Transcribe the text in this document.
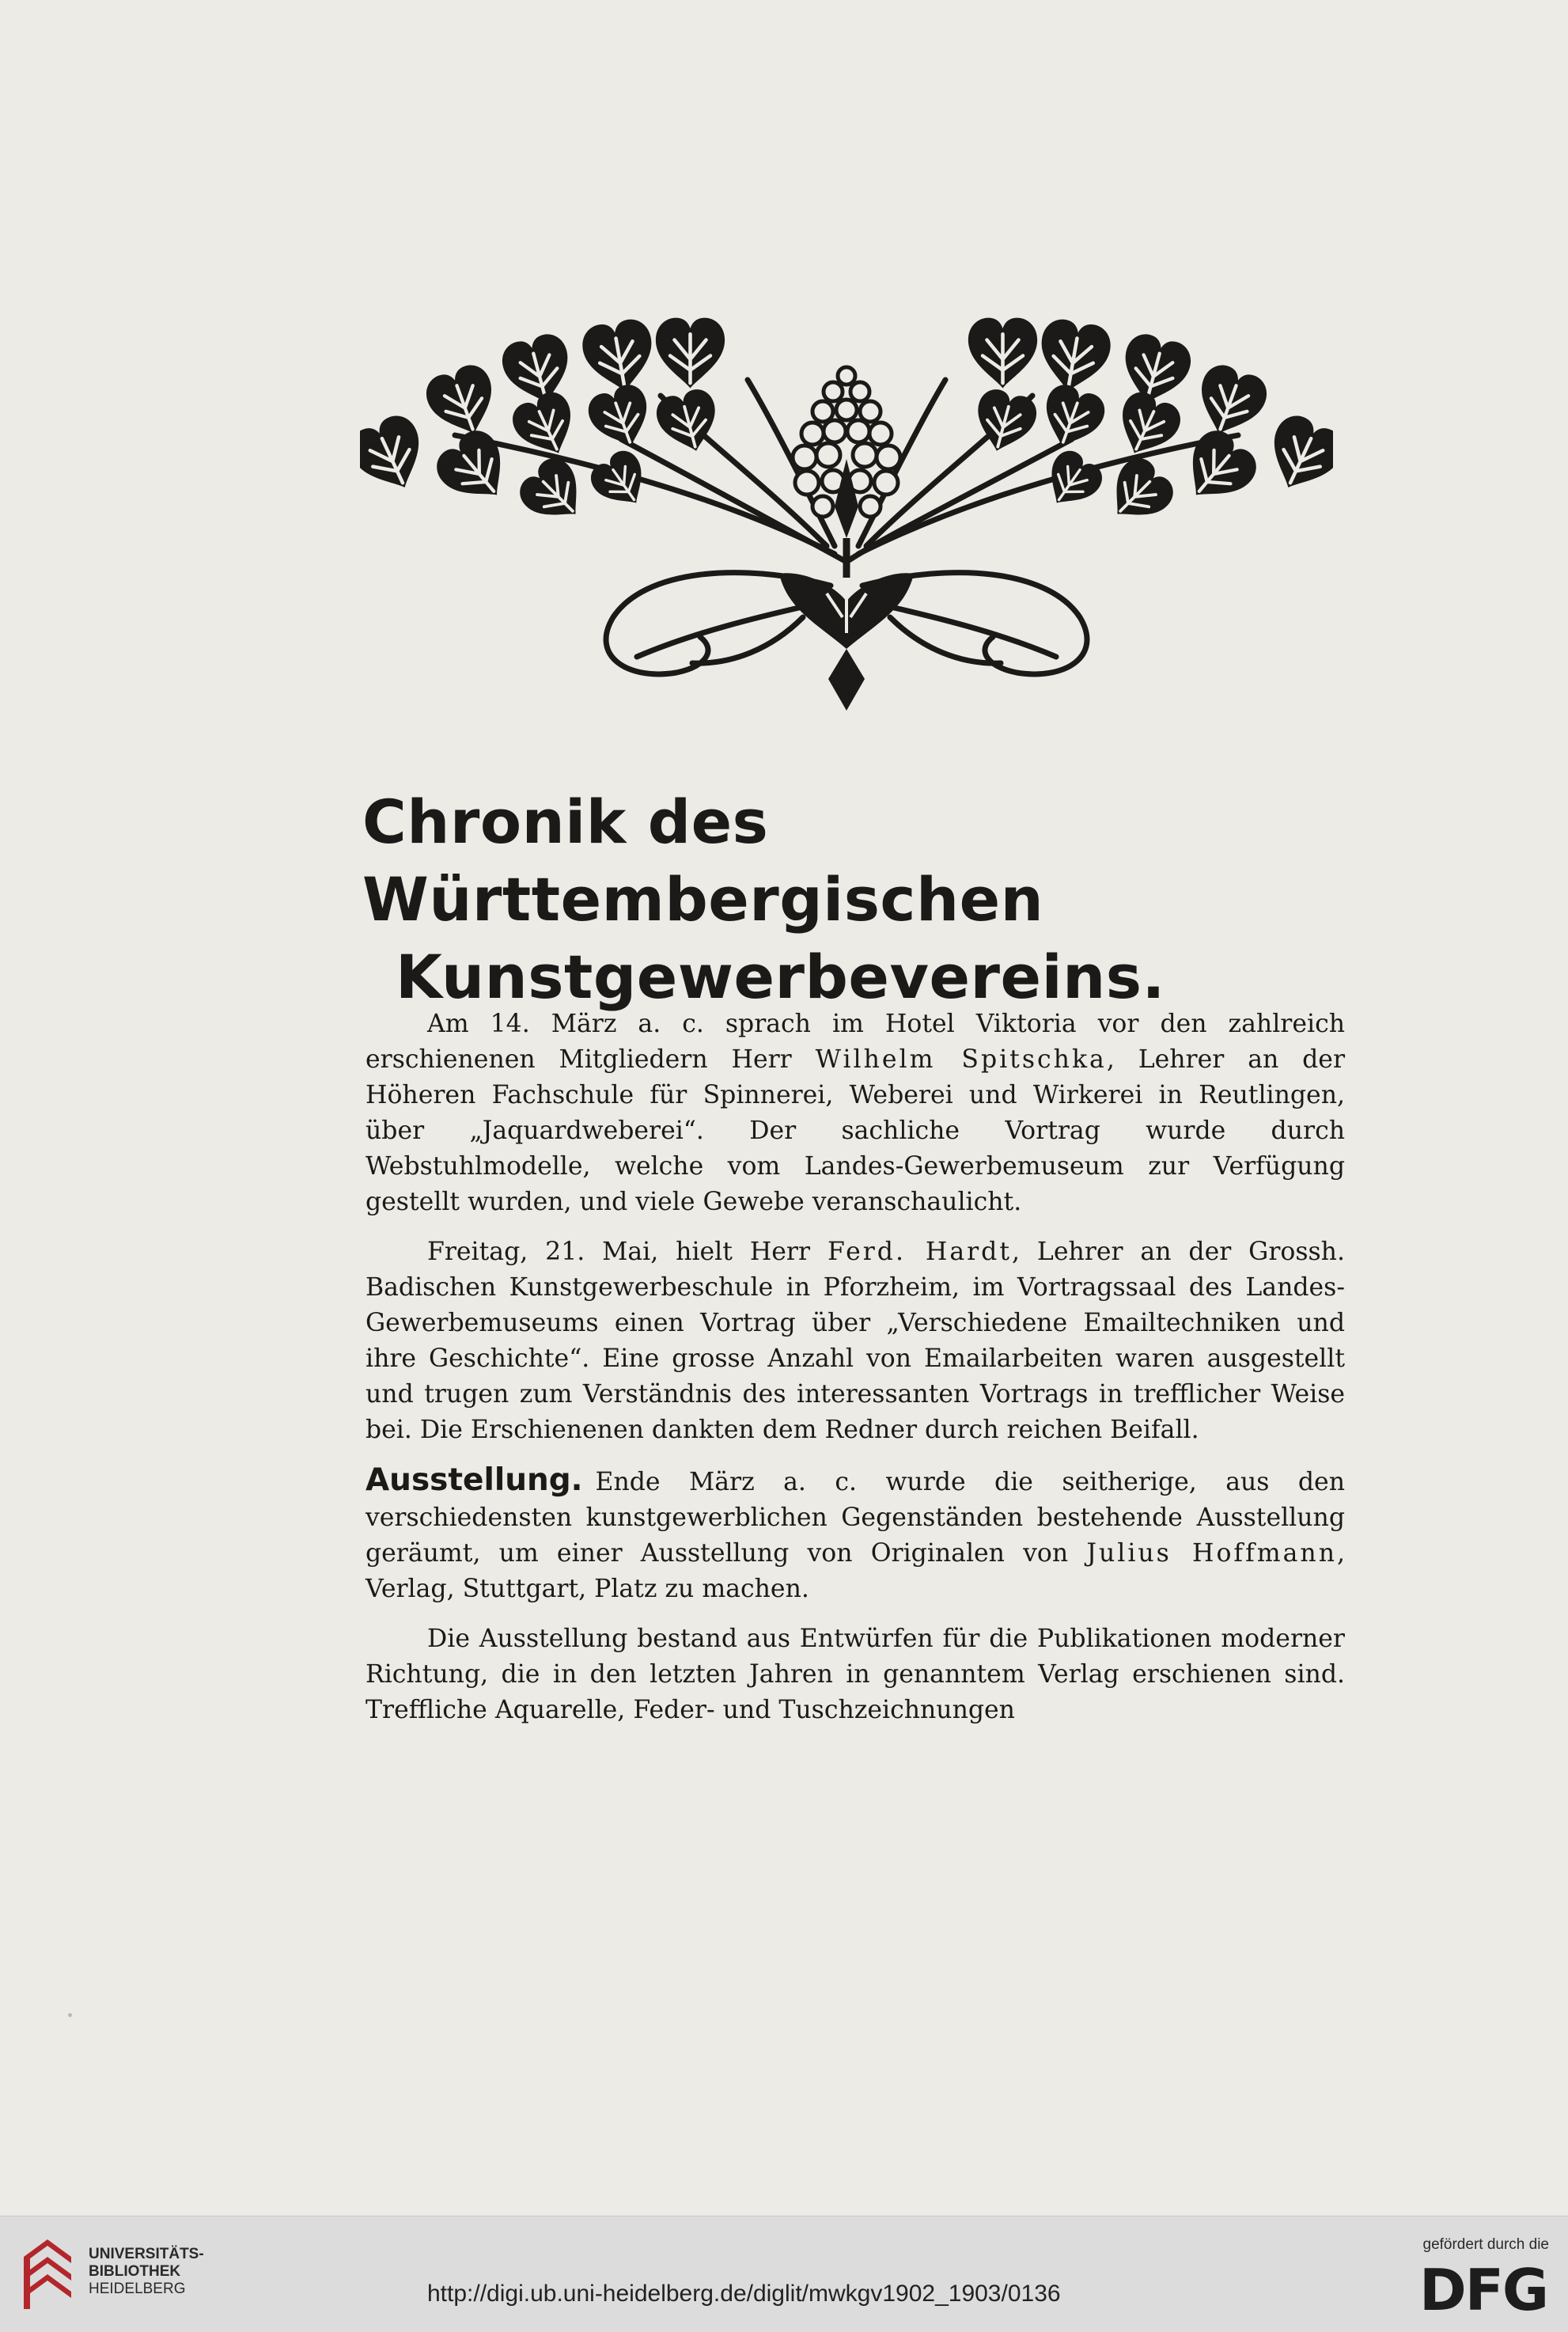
Chronik des Württembergischen
Kunstgewerbevereins.

Am 14. März a. c. sprach im Hotel Viktoria vor den zahlreich erschienenen Mitgliedern Herr Wilhelm Spitschka, Lehrer an der Höheren Fachschule für Spinnerei, Weberei und Wirkerei in Reutlingen, über „Jaquardweberei“. Der sachliche Vortrag wurde durch Webstuhlmodelle, welche vom Landes-Gewerbemuseum zur Verfügung gestellt wurden, und viele Gewebe veranschaulicht.

Freitag, 21. Mai, hielt Herr Ferd. Hardt, Lehrer an der Grossh. Badischen Kunstgewerbeschule in Pforzheim, im Vortragssaal des Landes-Gewerbemuseums einen Vortrag über „Verschiedene Emailtechniken und ihre Geschichte“. Eine grosse Anzahl von Emailarbeiten waren ausgestellt und trugen zum Verständnis des interessanten Vortrags in trefflicher Weise bei. Die Erschienenen dankten dem Redner durch reichen Beifall.

Ausstellung. Ende März a. c. wurde die seitherige, aus den verschiedensten kunstgewerblichen Gegenständen bestehende Ausstellung geräumt, um einer Ausstellung von Originalen von Julius Hoffmann, Verlag, Stuttgart, Platz zu machen.

Die Ausstellung bestand aus Entwürfen für die Publikationen moderner Richtung, die in den letzten Jahren in genanntem Verlag erschienen sind. Treffliche Aquarelle, Feder- und Tuschzeichnungen

UNIVERSITÄTS-
BIBLIOTHEK
HEIDELBERG	http://digi.ub.uni-heidelberg.de/diglit/mwkgv1902_1903/0136
gefördert durch die
DFG
